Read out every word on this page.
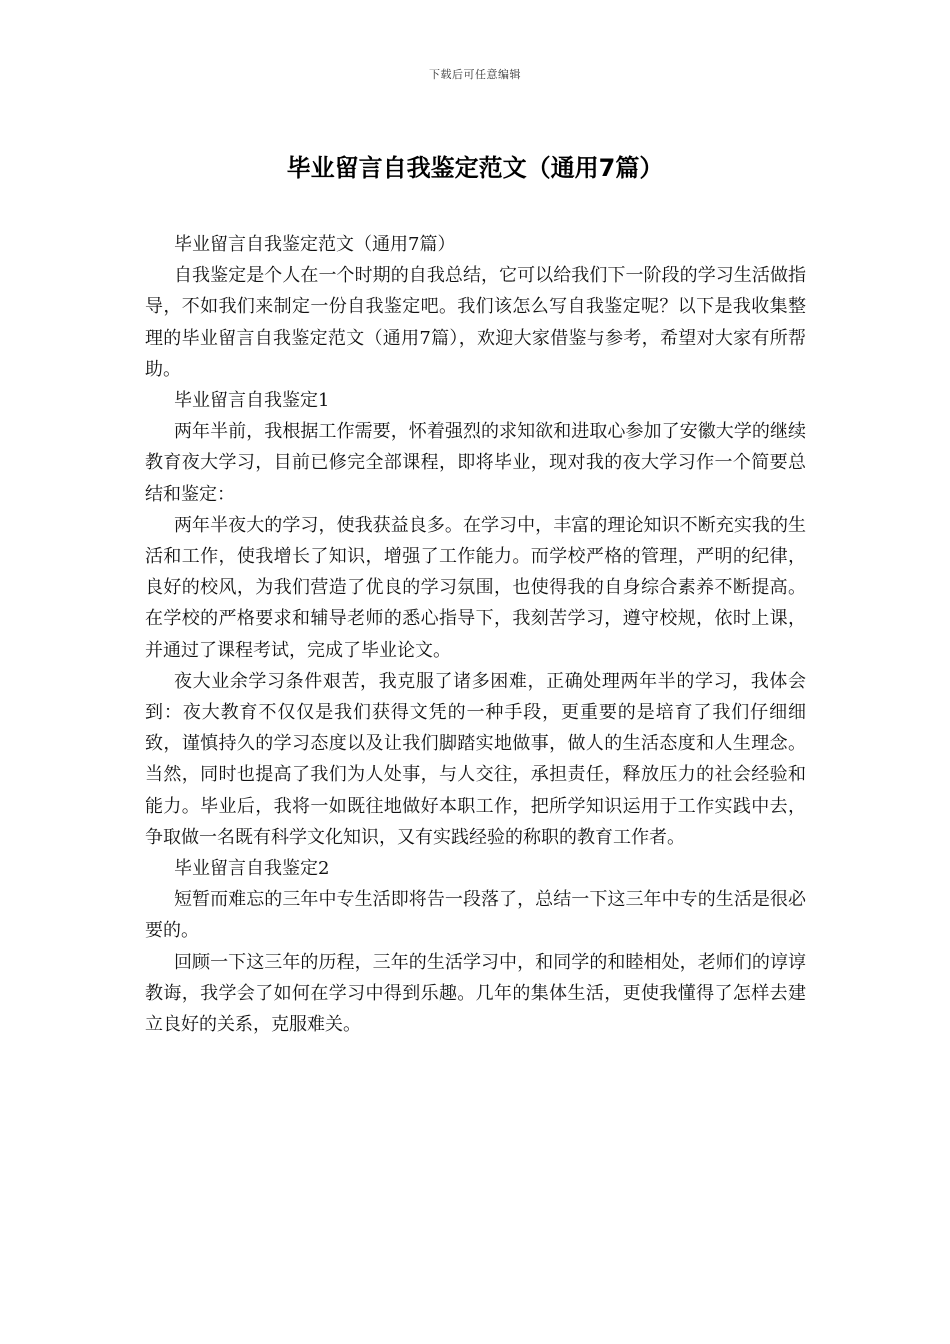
下载后可任意编辑
毕业留言自我鉴定范文（通用7篇）

毕业留言自我鉴定范文（通用7篇）

自我鉴定是个人在一个时期的自我总结，它可以给我们下一阶段的学习生活做指导，不如我们来制定一份自我鉴定吧。我们该怎么写自我鉴定呢？以下是我收集整理的毕业留言自我鉴定范文（通用7篇），欢迎大家借鉴与参考，希望对大家有所帮助。

毕业留言自我鉴定1

两年半前，我根据工作需要，怀着强烈的求知欲和进取心参加了安徽大学的继续教育夜大学习，目前已修完全部课程，即将毕业，现对我的夜大学习作一个简要总结和鉴定：

两年半夜大的学习，使我获益良多。在学习中，丰富的理论知识不断充实我的生活和工作，使我增长了知识，增强了工作能力。而学校严格的管理，严明的纪律，良好的校风，为我们营造了优良的学习氛围，也使得我的自身综合素养不断提高。在学校的严格要求和辅导老师的悉心指导下，我刻苦学习，遵守校规，依时上课，并通过了课程考试，完成了毕业论文。

夜大业余学习条件艰苦，我克服了诸多困难，正确处理两年半的学习，我体会到：夜大教育不仅仅是我们获得文凭的一种手段，更重要的是培育了我们仔细细致，谨慎持久的学习态度以及让我们脚踏实地做事，做人的生活态度和人生理念。当然，同时也提高了我们为人处事，与人交往，承担责任，释放压力的社会经验和能力。毕业后，我将一如既往地做好本职工作，把所学知识运用于工作实践中去，争取做一名既有科学文化知识，又有实践经验的称职的教育工作者。

毕业留言自我鉴定2

短暂而难忘的三年中专生活即将告一段落了，总结一下这三年中专的生活是很必要的。

回顾一下这三年的历程，三年的生活学习中，和同学的和睦相处，老师们的谆谆教诲，我学会了如何在学习中得到乐趣。几年的集体生活，更使我懂得了怎样去建立良好的关系，克服难关。
